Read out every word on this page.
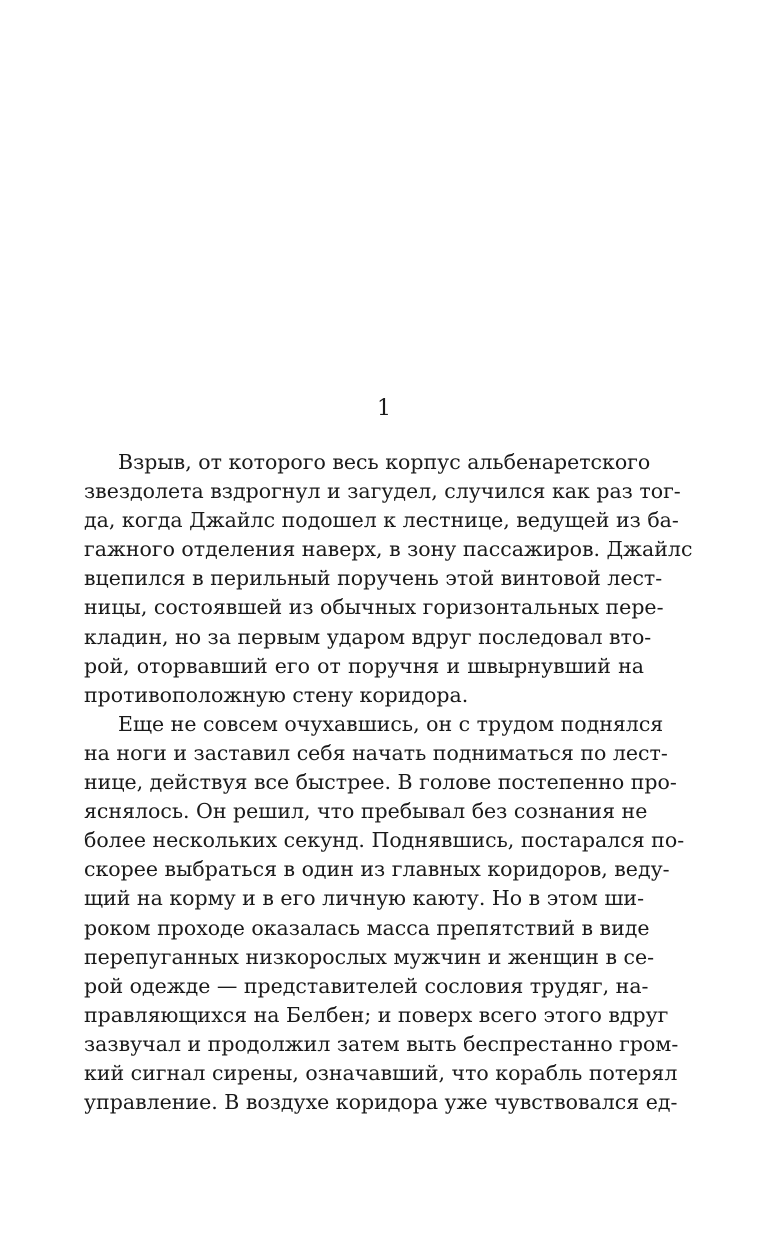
1
Взрыв, от которого весь корпус альбенаретского
звездолета вздрогнул и загудел, случился как раз тог-
да, когда Джайлс подошел к лестнице, ведущей из ба-
гажного отделения наверх, в зону пассажиров. Джайлс
вцепился в перильный поручень этой винтовой лест-
ницы, состоявшей из обычных горизонтальных пере-
кладин, но за первым ударом вдруг последовал вто-
рой, оторвавший его от поручня и швырнувший на
противоположную стену коридора.
Еще не совсем очухавшись, он с трудом поднялся
на ноги и заставил себя начать подниматься по лест-
нице, действуя все быстрее. В голове постепенно про-
яснялось. Он решил, что пребывал без сознания не
более нескольких секунд. Поднявшись, постарался по-
скорее выбраться в один из главных коридоров, веду-
щий на корму и в его личную каюту. Но в этом ши-
роком проходе оказалась масса препятствий в виде
перепуганных низкорослых мужчин и женщин в се-
рой одежде — представителей сословия трудяг, на-
правляющихся на Белбен; и поверх всего этого вдруг
зазвучал и продолжил затем выть беспрестанно гром-
кий сигнал сирены, означавший, что корабль потерял
управление. В воздухе коридора уже чувствовался ед-
